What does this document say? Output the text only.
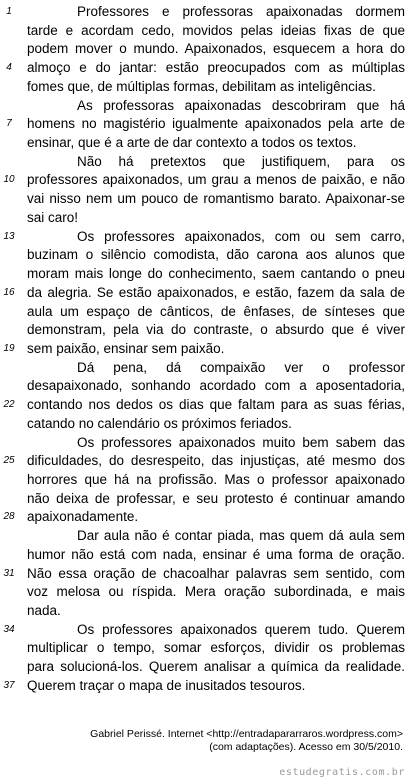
1	Professores e professoras apaixonadas dormem
tarde e acordam cedo, movidos pelas ideias fixas de que
podem mover o mundo. Apaixonados, esquecem a hora do
4	almoço e do jantar: estão preocupados com as múltiplas
fomes que, de múltiplas formas, debilitam as inteligências.
As professoras apaixonadas descobriram que há
7	homens no magistério igualmente apaixonados pela arte de
ensinar, que é a arte de dar contexto a todos os textos.
Não há pretextos que justifiquem, para os
10 professores apaixonados, um grau a menos de paixão, e não
vai nisso nem um pouco de romantismo barato. Apaixonar-se
sai caro!
13	Os professores apaixonados, com ou sem carro,
buzinam o silêncio comodista, dão carona aos alunos que
moram mais longe do conhecimento, saem cantando o pneu
16 da alegria. Se estão apaixonados, e estão, fazem da sala de
aula um espaço de cânticos, de ênfases, de sínteses que
demonstram, pela via do contraste, o absurdo que é viver
19 sem paixão, ensinar sem paixão.
Dá pena, dá compaixão ver o professor
desapaixonado, sonhando acordado com a aposentadoria,
22 contando nos dedos os dias que faltam para as suas férias,
catando no calendário os próximos feriados.
Os professores apaixonados muito bem sabem das
25 dificuldades, do desrespeito, das injustiças, até mesmo dos
horrores que há na profissão. Mas o professor apaixonado
não deixa de professar, e seu protesto é continuar amando
28 apaixonadamente.
Dar aula não é contar piada, mas quem dá aula sem
humor não está com nada, ensinar é uma forma de oração.
31 Não essa oração de chacoalhar palavras sem sentido, com
voz melosa ou ríspida. Mera oração subordinada, e mais
nada.
34	Os professores apaixonados querem tudo. Querem
multiplicar o tempo, somar esforços, dividir os problemas
para solucioná-los. Querem analisar a química da realidade.
37 Querem traçar o mapa de inusitados tesouros.
Gabriel Perissé. Internet <http://entradapararraros.wordpress.com>
(com adaptações). Acesso em 30/5/2010.
estudegratis.com.br
